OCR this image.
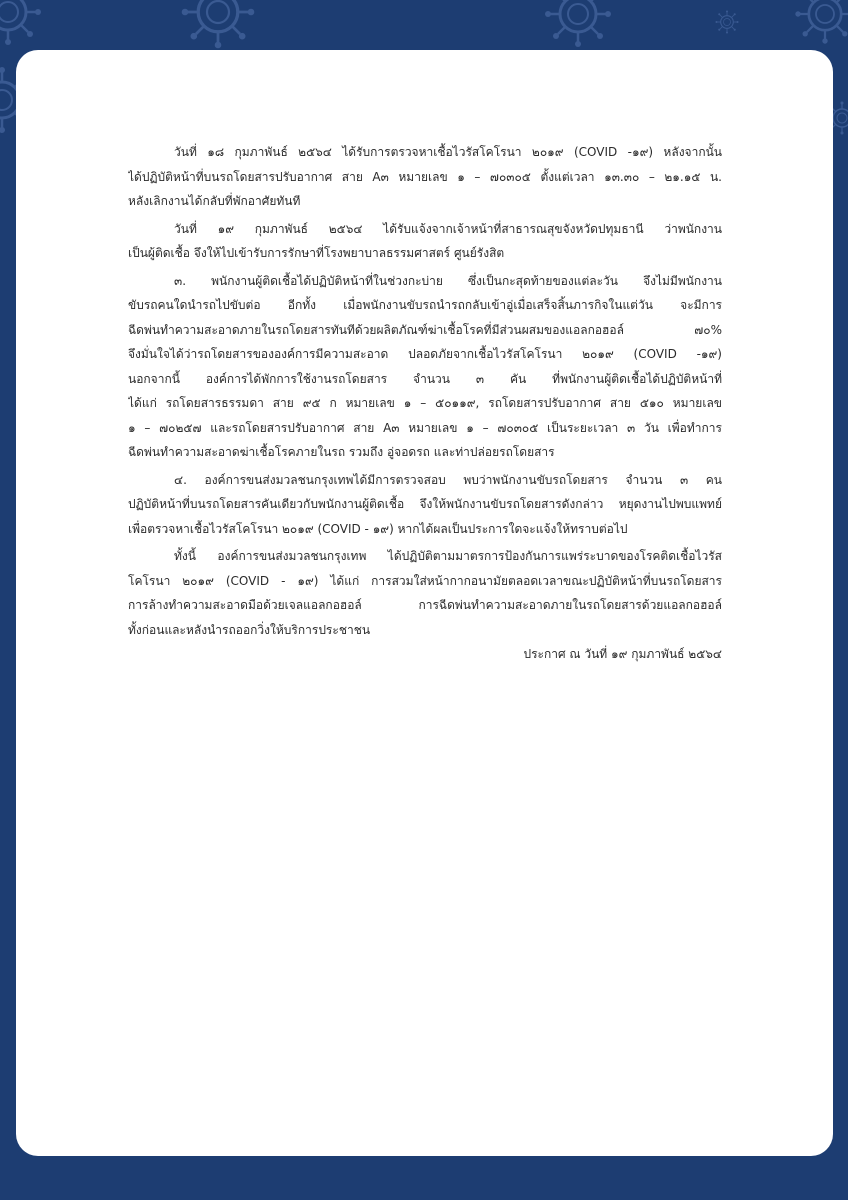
วันที่ ๑๘ กุมภาพันธ์ ๒๕๖๔ ได้รับการตรวจหาเชื้อไวรัสโคโรนา ๒๐๑๙ (COVID -๑๙) หลังจากนั้น
ได้ปฏิบัติหน้าที่บนรถโดยสารปรับอากาศ สาย A๓ หมายเลข ๑ – ๗๐๓๐๕ ตั้งแต่เวลา ๑๓.๓๐ – ๒๑.๑๕ น.
หลังเลิกงานได้กลับที่พักอาศัยทันที
วันที่ ๑๙ กุมภาพันธ์ ๒๕๖๔ ได้รับแจ้งจากเจ้าหน้าที่สาธารณสุขจังหวัดปทุมธานี ว่าพนักงาน
เป็นผู้ติดเชื้อ จึงให้ไปเข้ารับการรักษาที่โรงพยาบาลธรรมศาสตร์ ศูนย์รังสิต
๓. พนักงานผู้ติดเชื้อได้ปฏิบัติหน้าที่ในช่วงกะบ่าย ซึ่งเป็นกะสุดท้ายของแต่ละวัน จึงไม่มีพนักงาน
ขับรถคนใดนำรถไปขับต่อ อีกทั้ง เมื่อพนักงานขับรถนำรถกลับเข้าอู่เมื่อเสร็จสิ้นภารกิจในแต่วัน จะมีการ
ฉีดพ่นทำความสะอาดภายในรถโดยสารทันทีด้วยผลิตภัณฑ์ฆ่าเชื้อโรคที่มีส่วนผสมของแอลกอฮอล์ ๗๐%
จึงมั่นใจได้ว่ารถโดยสารขององค์การมีความสะอาด ปลอดภัยจากเชื้อไวรัสโคโรนา ๒๐๑๙ (COVID -๑๙)
นอกจากนี้ องค์การได้พักการใช้งานรถโดยสาร จำนวน ๓ คัน ที่พนักงานผู้ติดเชื้อได้ปฏิบัติหน้าที่
ได้แก่ รถโดยสารธรรมดา สาย ๙๕ ก หมายเลข ๑ – ๕๐๑๑๙, รถโดยสารปรับอากาศ สาย ๕๑๐ หมายเลข
๑ – ๗๐๒๕๗ และรถโดยสารปรับอากาศ สาย A๓ หมายเลข ๑ – ๗๐๓๐๕ เป็นระยะเวลา ๓ วัน เพื่อทำการ
ฉีดพ่นทำความสะอาดฆ่าเชื้อโรคภายในรถ รวมถึง อู่จอดรถ และท่าปล่อยรถโดยสาร
๔. องค์การขนส่งมวลชนกรุงเทพได้มีการตรวจสอบ พบว่าพนักงานขับรถโดยสาร จำนวน ๓ คน
ปฏิบัติหน้าที่บนรถโดยสารคันเดียวกับพนักงานผู้ติดเชื้อ จึงให้พนักงานขับรถโดยสารดังกล่าว หยุดงานไปพบแพทย์
เพื่อตรวจหาเชื้อไวรัสโคโรนา ๒๐๑๙ (COVID - ๑๙) หากได้ผลเป็นประการใดจะแจ้งให้ทราบต่อไป
ทั้งนี้ องค์การขนส่งมวลชนกรุงเทพ ได้ปฏิบัติตามมาตรการป้องกันการแพร่ระบาดของโรคติดเชื้อไวรัส
โคโรนา ๒๐๑๙ (COVID - ๑๙) ได้แก่ การสวมใส่หน้ากากอนามัยตลอดเวลาขณะปฏิบัติหน้าที่บนรถโดยสาร
การล้างทำความสะอาดมือด้วยเจลแอลกอฮอล์ การฉีดพ่นทำความสะอาดภายในรถโดยสารด้วยแอลกอฮอล์
ทั้งก่อนและหลังนำรถออกวิ่งให้บริการประชาชน

ประกาศ ณ วันที่ ๑๙ กุมภาพันธ์ ๒๕๖๔
